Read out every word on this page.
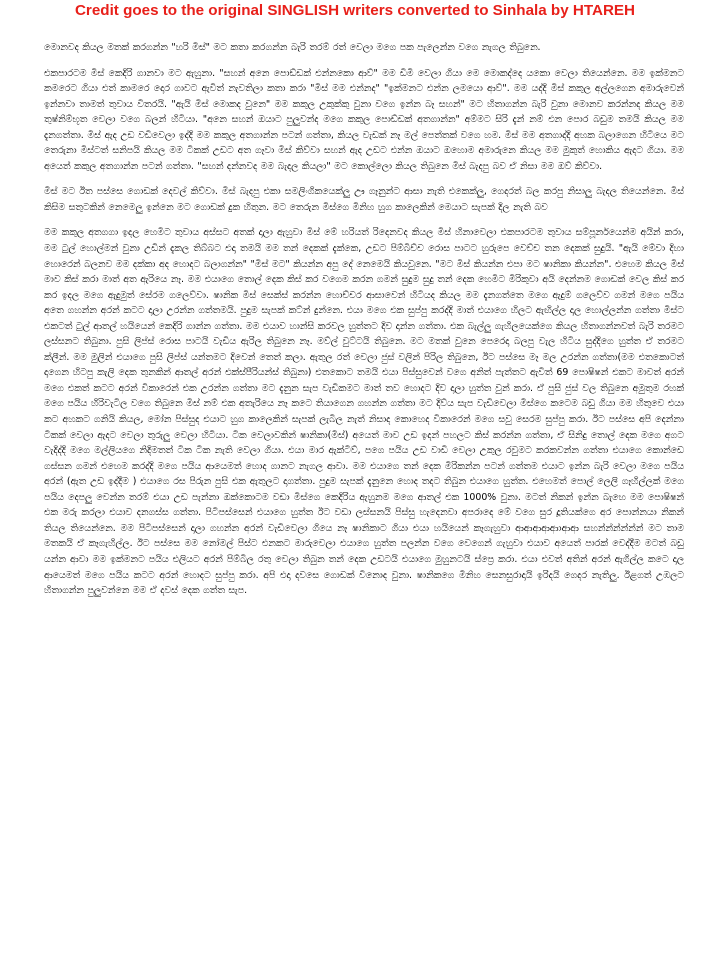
Credit goes to the original SINGLISH writers converted to Sinhala by HTAREH

මොනවද කියල මතක් කරගන්න "හරි මිස්" මට කතා කරගන්න බැරි තරම් රත් වෙලා මගෙ පක පැලෙන්න වගෙ නැගල තිබුනෙ.

එකපාරටම මිස් කෙදිරි ගානවා මට ඇහුනා. "සහන් අනෙ පොඩ්ඩක් එන්නකො ආව්" මම ඩිමි වෙලා ගියා මෙ මොකද්දෙ යකො වෙලා තියෙන්නෙ. මම ඉක්මනට කමරෙට ගියා එත් කාමරෙ දොර ගාවට ඇවිත් නැවතිලා කතා කරා "මිස් මම එන්නද" "ඉක්මනට එන්න ලමයො ආව්". මම යද්දි මිස් කකුල අල්ලගෙන අමාරුවෙන් ඉන්නවා තාමත් තුවාය විතරයි. "ඇයි මිස් මොකද වුනෙ" මම කකුල උකුක්කු වුනා වගෙ ඉන්න බෑ සහන්" මට හිතාගන්න බැරි වුනා මොනව කරන්නද කියල මම තුෂ්නිම්භූත වෙලා වගෙ බලන් හිටියා. "අනෙ සහන් ඔයාට පුලුවන්ද මගෙ කකුල පොඩ්ඩක් අතගාන්න" අම්මට සිරි දැන් නම් එන පොර බඩුම තමයි කියල මම දැනගත්තා. මිස් ඇද උඩ වඩිවෙලා ඉද්දි මම කකුල අතගාන්න පටන් ගත්තා, කියල වැඩක් නෑ මල් පෙත්තක් වගෙ හම. මිස් මම අතගාද්දි අහක බලාගෙන හිටියෙ මට තෙරුනා මිස්ටත් සනිපයි කියල මම ටිකක් උඩට අත ගෑවා මිස් කිව්වා සහන් ඇද උඩට එන්න ඔයාට ඔහොම අමාරුනෙ කියල මම මුකුත් හොකිය ඇදට ගියා. මම අයෙත් කකුල අතගාන්න පටන් ගත්තා. "සහන් දන්නවද මම බැදල කියලා" මට කොල්ලො කියල තිබුනෙ මිස් බැදපු බව ඒ නිසා මම ඔව් කිව්වා.

මිස් මට ඊත පස්සෙ ගොඩක් දෙවල් කිව්වා. මිස් බැදපු එකා සමලිංගිකයෙක්ලු ඌ ගෑනුන්ට ආසා නැති එකෙක්ලු, ගෙදරත් බල කරපු නිසාලු බැදල තියෙන්නෙ. මිස් කිසිම සතුටකින් නෙමෙලු ඉන්නෙ මට ගොඩක් දුක හිතුන. මට තෙරුන මිස්ගෙ මිනිහ හුග කාලෙකින් මෙයාට සැපක් දිල නැති බව

මම කකුල අතගගා ඉදල හෙමිට තුවාය අස්සට අතක් දාලා ඇහුවා මිස් මේ හරියත් රිදෙනවද කියල මිස් හිනාවෙලා එකපාරටම තුවාය සම්පූර්නයෙන්ම අයින් කරා, මම ටුල් හොල්මන් වුනා උඩින් දැකල තිබ්බට එදා තමයි මම තන් දෙකක් දැක්කෙ, උඩට පිම්බිච්ච රොස පාටට හුරුපෙ වෙච්ච තන දෙකක් සුදුයි. "ඇයි මේවා දිහා හොරෙන් බලනව මම දක්කා අද හොදට බලාගන්න" "මිස් මට" කියන්න අපු දේ නෙමෙයි කියවුනෙ. "මට මිස් කියන්න එපා මට ෂානිකා කියන්න". එහෙම කියල මිස් මාව කිස් කරා මාත් අත ඇරියෙ නෑ. මම එයාගෙ තොල් දෙක කිස් කර වගෙම කරන ගමන් සුදුම සුදු තන් දෙක හෙමිට මිරිකුවා අයි දෙන්නම ගොඩක් වෙල කිස් කර කර ඉදල මගෙ ඇදුමුත් සේරම ගලෙව්වා. ෂානික මිස් සෙක්ස් කරන්න හොච්චර ආසාවෙන් හිටියද කියල මම දැනගත්තෙ මගෙ ඇදුම් ගලෙව්ව ගමන් මගෙ පයිය අතෙ ගහන්න අරන් කටට දාලා උරන්න ගත්තමයි. පුදුම සැපක් කට්න් දුන්නෙ. එයා මගෙ එක සුප්පු කරද්දි මාත් එයාගෙ හිලට ඇඟිල්ල දාල හොල්ලන්න ගත්තා මිස්ට එකටත් ටුල් ආතල් හයියෙන් කෙදිරි ගාන්න ගත්තා. මම එයාව හාන්සි කරවල හුත්තට දිව දාන්න ගත්තා. එක බැල්ලු ගැහිලයෙක්ගෙ කියල හිතාගන්නවත් බැරි තරමට ලස්සනට තිබුනා. පුසි ලිප්ස් රොස පාටයි වැඩිය ඇරිල තිබුනෙ නෑ. මව්ල් වුට්ටයි තිබුනෙ. මට මතක් වුනෙ පෙරෙදා බලපු වැල හිටිය සුද්දිගෙ හුත්ත ඒ තරමට ක්ලීන්. මම මුලින් එයාගෙ පුසි ලිප්ස් යන්තමට දිවෙන් තෙත් කලා. ඇතුල රත් වෙලා ජුස් වලින් පිරිල තිබුනෙ, ඊට පස්සෙ මෑ මල උරන්න ගත්තා(මම එතකොටත් දාගෙන හිටපු කැලි දෙක තුනකින් ආතල් අරන් එක්ස්පීරියන්ස් තිබුනා) එතකොට තමයි එයා පිස්සුවෙන් වගෙ අනිත් පැත්තට ඇවිත් 69 පොෂිෂන් එකට මාවත් අරන් මගෙ එකත් කටට අරන් විකාරෙන් එක උරන්න ගත්තා මට දැනුන සැප වැඩිකමට මාත් තව හොදට දිව දාලා හුත්ත වුන් කරා. ඒ පුසි ජුස් වල තිබුනෙ අමුතුම රහක් මගෙ පයිය හිරිවැටිල වගෙ තිබුනෙ මිස් නම් එක අතැරියෙ නෑ කටෙ තියාගෙන ගහන්න ගත්තා මට දිව්ය සැප වැඩිවෙලා මිස්ගෙ කටෙම බඩු ගියා මම හිතුවෙ එයා කට අහකට ගනියි කියල, මෝන පිස්සුද එයාට හුග කාලෙකින් සැපක් ලැබිල නැත් නිසාද කොහෙද විකාරෙන් මගෙ සවු සෙරම සුප්පු කරා. ඊට පස්සෙ අපි දෙන්නා ටිකක් වෙලා ඇදට වෙලා තුරුලු වෙලා හිටියා. ටික වෙලාවකින් ෂානිකා(මිස්) අයෙත් මාව උඩ ඉදන් පහලට කිස් කරන්න ගත්තා, ඒ සිනිදු තොල් දෙක මගෙ අගට වැදිද්දි මගෙ මල්ලියගෙ නිදිමතත් ටික ටික නැති වෙලා ගියා. එයා මාර ඇක්ටිව්, පගෙ පයිය උඩ වාඩි වෙලා උකුල රවුමට කරකවන්න ගත්තා එයාගෙ කොන්ඩෙ ගස්සන ගමන් එහෙම කරද්දි මගෙ පයිය ආයෙමත් හොද ගානට නැගල ආවා. මම එයාගෙ තන් දෙක මිරිකන්න පටන් ගත්තම එයාට ඉන්න බැරි වෙලා මගෙ පයිය අරන් (ඇත උඩ ඉද්දීම ) එයාගෙ රස පිරුන පුසි එක ඇතුලට දාගත්තා. පුදුම සැපක් දැනුනෙ හොද තදට තිබුන එයාගෙ හුත්ත. එහෙමත් පොල් ලෙලි ගෑහිල්ලක් මගෙ පයිය දෙපලු වෙන්න තරම් එයා උඩ පැන්නා ඔක්කොටම වඩා මිස්ගෙ කෙදිරිය ඇහුනම මගෙ ආතල් එක 1000% වුනා. මටත් නිකන් ඉන්න බැහෙ මම පොෂිෂන් එක මරු කරලා එයාව දනගස්ස ගත්තා. පිටිපස්සෙන් එයාගෙ හුත්ත ඊට වඩා ලස්සනයි පිස්සු හැදෙනවා අපරාදෙ මේ වගෙ සුර දූතියක්ගෙ අර පොන්නයා නිකන් තියල තියෙන්නෙ. මම පිටිපස්සෙන් දාලා ගහන්න අරන් වැඩිවෙලා ගියෙ නෑ ෂානිකාට ගියා එයා හයියෙන් කෑගැහුවා ආආආආආාආආ සහන්න්න්න්න්න් මට තාම මතකයි ඒ කෑගැහිල්ල. ඊට පස්සෙ මම නෝමල් පිස්ට එනකට මාරුවෙලා එයාගෙ හුත්ත පලන්න වගෙ වෙගෙන් ගැහුවා එයාව අයෙත් පාරක් වෙද්දීම මටත් බඩු යන්න ආවා මම ඉක්මනට පයිය එලියට අරන් පිම්බිල රතු වෙලා තිබුන තන් දෙක උඩටයි එයාගෙ මුහුනටයි ස්ප්‍රෙ කරා. එයා එවත් අතින් අරන් ඇගිල්ල කටෙ දාල ආයෙමත් මගෙ පයිය කටට අරන් හොදට සුප්පු කරා. අපි එදා දවසෙ ගොඩක් විනොද වුනා. ෂානිකගෙ මිනිහ සෙනසුරාදායි ඉරිදයි ගෙදර නැතිලු. ඊළගත් උඹලට හිතාගන්න පුලුවන්නෙ මම ඒ දවස් දෙක ගත්ත සැප.
